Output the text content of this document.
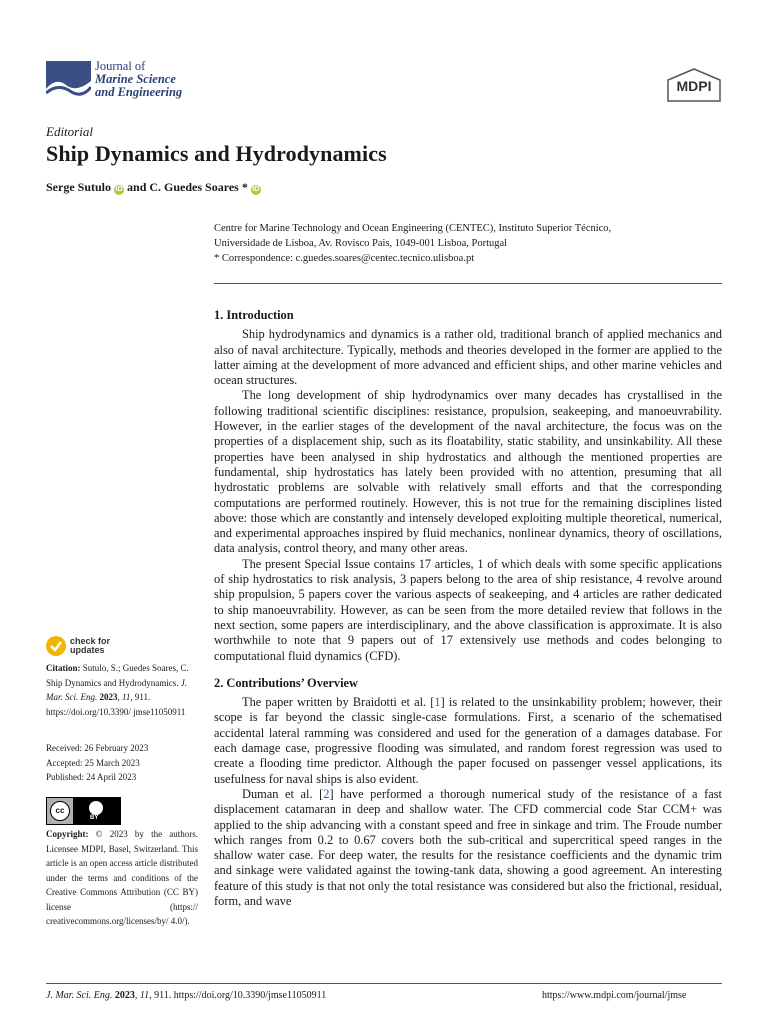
Journal of
Marine Science
and Engineering	MDPI
Editorial
Ship Dynamics and Hydrodynamics
Serge Sutulo iD and C. Guedes Soares * iD
Centre for Marine Technology and Ocean Engineering (CENTEC), Instituto Superior Técnico,
Universidade de Lisboa, Av. Rovisco Pais, 1049-001 Lisboa, Portugal
* Correspondence: c.guedes.soares@centec.tecnico.ulisboa.pt
1. Introduction

Ship hydrodynamics and dynamics is a rather old, traditional branch of applied mechanics and also of naval architecture. Typically, methods and theories developed in the former are applied to the latter aiming at the development of more advanced and efficient ships, and other marine vehicles and ocean structures.

The long development of ship hydrodynamics over many decades has crystallised in the following traditional scientific disciplines: resistance, propulsion, seakeeping, and manoeuvrability. However, in the earlier stages of the development of the naval architecture, the focus was on the properties of a displacement ship, such as its floatability, static stability, and unsinkability. All these properties have been analysed in ship hydrostatics and although the mentioned properties are fundamental, ship hydrostatics has lately been provided with no attention, presuming that all hydrostatic problems are solvable with relatively small efforts and that the corresponding computations are performed routinely. However, this is not true for the remaining disciplines listed above: those which are constantly and intensely developed exploiting multiple theoretical, numerical, and experimental approaches inspired by fluid mechanics, nonlinear dynamics, theory of oscillations, data analysis, control theory, and many other areas.

The present Special Issue contains 17 articles, 1 of which deals with some specific applications of ship hydrostatics to risk analysis, 3 papers belong to the area of ship resistance, 4 revolve around ship propulsion, 5 papers cover the various aspects of seakeeping, and 4 articles are rather dedicated to ship manoeuvrability. However, as can be seen from the more detailed review that follows in the next section, some papers are interdisciplinary, and the above classification is approximate. It is also worthwhile to note that 9 papers out of 17 extensively use methods and codes belonging to computational fluid dynamics (CFD).

2. Contributions’ Overview

The paper written by Braidotti et al. [1] is related to the unsinkability problem; however, their scope is far beyond the classic single-case formulations. First, a scenario of the schematised accidental lateral ramming was considered and used for the generation of a damages database. For each damage case, progressive flooding was simulated, and random forest regression was used to create a flooding time predictor. Although the paper focused on passenger vessel applications, its usefulness for naval ships is also evident.

Duman et al. [2] have performed a thorough numerical study of the resistance of a fast displacement catamaran in deep and shallow water. The CFD commercial code Star CCM+ was applied to the ship advancing with a constant speed and free in sinkage and trim. The Froude number which ranges from 0.2 to 0.67 covers both the sub-critical and supercritical speed ranges in the shallow water case. For deep water, the results for the resistance coefficients and the dynamic trim and sinkage were validated against the towing-tank data, showing a good agreement. An interesting feature of this study is that not only the total resistance was considered but also the frictional, residual, form, and wave

check for
updates
Citation: Sutulo, S.; Guedes Soares, C. Ship Dynamics and Hydrodynamics. J. Mar. Sci. Eng. 2023, 11, 911. https://doi.org/10.3390/ jmse11050911
Received: 26 February 2023
Accepted: 25 March 2023
Published: 24 April 2023
cc
BY
Copyright: © 2023 by the authors. Licensee MDPI, Basel, Switzerland. This article is an open access article distributed under the terms and conditions of the Creative Commons Attribution (CC BY) license (https:// creativecommons.org/licenses/by/ 4.0/).
J. Mar. Sci. Eng. 2023, 11, 911. https://doi.org/10.3390/jmse11050911	https://www.mdpi.com/journal/jmse
